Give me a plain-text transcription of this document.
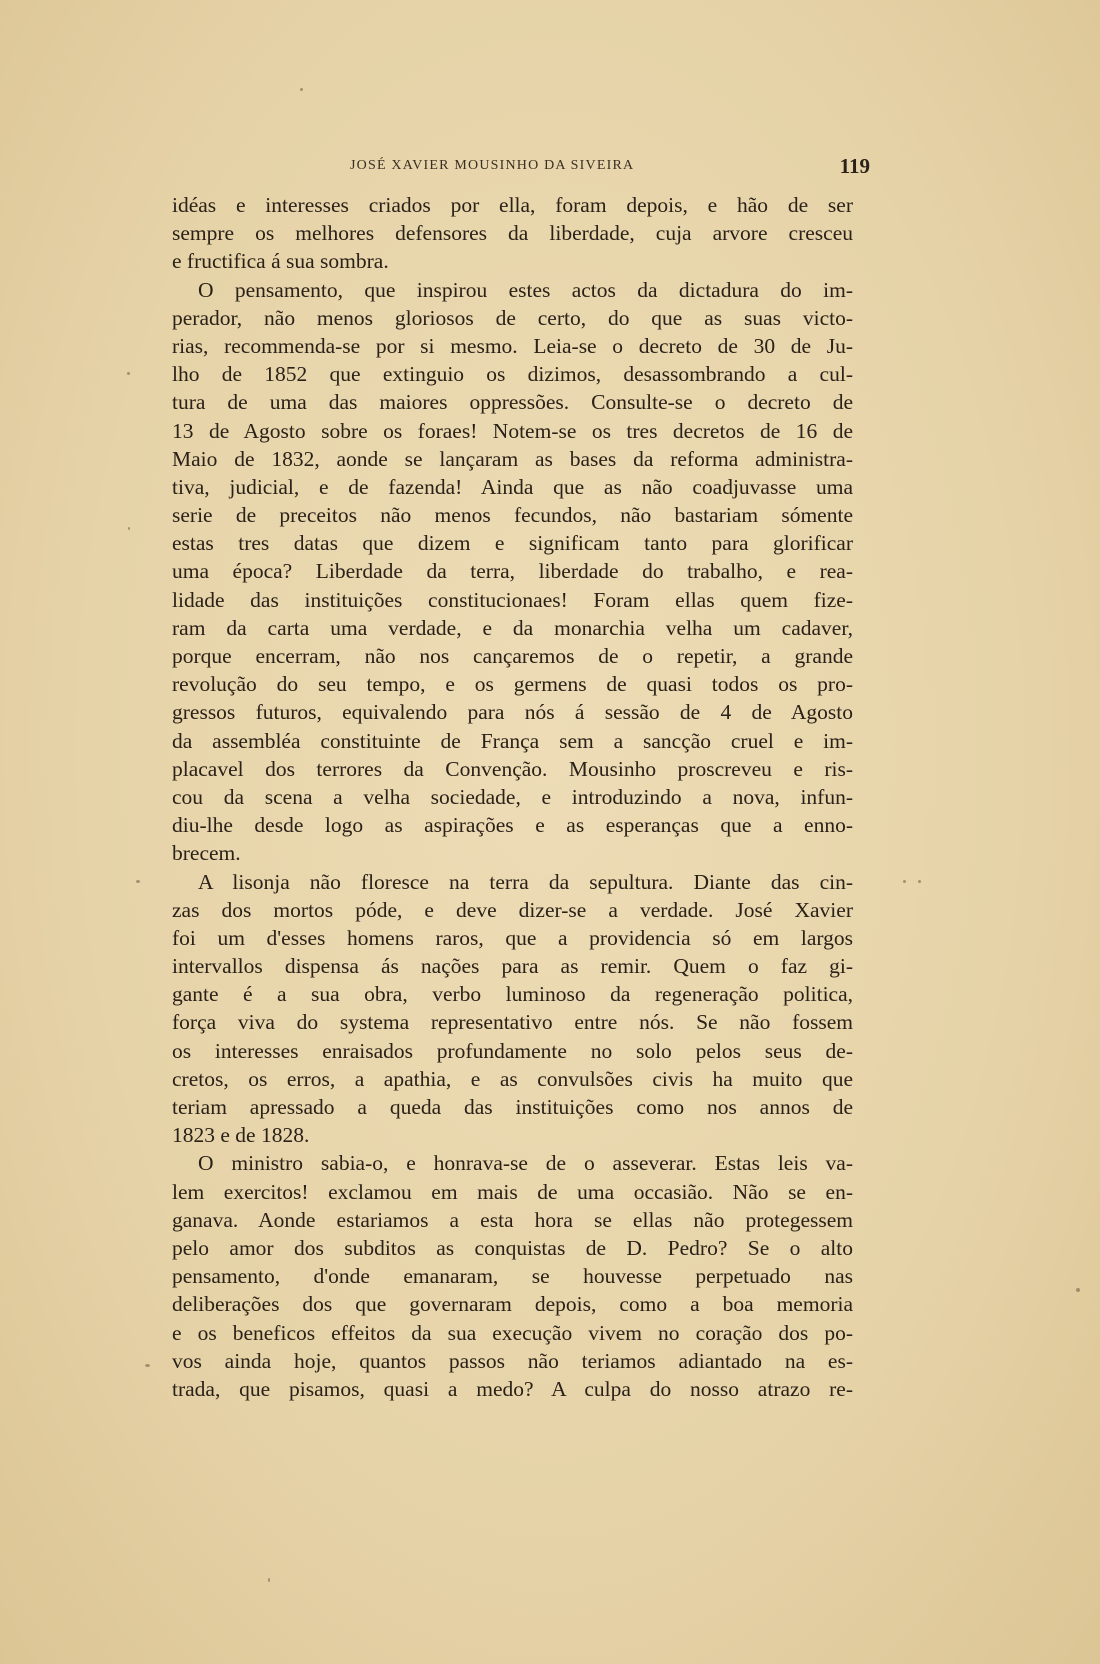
JOSÉ XAVIER MOUSINHO DA SIVEIRA	119
idéas e interesses criados por ella, foram depois, e hão de ser
sempre os melhores defensores da liberdade, cuja arvore cresceu
e fructifica á sua sombra.
O pensamento, que inspirou estes actos da dictadura do im-
perador, não menos gloriosos de certo, do que as suas victo-
rias, recommenda-se por si mesmo. Leia-se o decreto de 30 de Ju-
lho de 1852 que extinguio os dizimos, desassombrando a cul-
tura de uma das maiores oppressões. Consulte-se o decreto de
13 de Agosto sobre os foraes! Notem-se os tres decretos de 16 de
Maio de 1832, aonde se lançaram as bases da reforma administra-
tiva, judicial, e de fazenda! Ainda que as não coadjuvasse uma
serie de preceitos não menos fecundos, não bastariam sómente
estas tres datas que dizem e significam tanto para glorificar
uma época? Liberdade da terra, liberdade do trabalho, e rea-
lidade das instituições constitucionaes! Foram ellas quem fize-
ram da carta uma verdade, e da monarchia velha um cadaver,
porque encerram, não nos cançaremos de o repetir, a grande
revolução do seu tempo, e os germens de quasi todos os pro-
gressos futuros, equivalendo para nós á sessão de 4 de Agosto
da assembléa constituinte de França sem a sancção cruel e im-
placavel dos terrores da Convenção. Mousinho proscreveu e ris-
cou da scena a velha sociedade, e introduzindo a nova, infun-
diu-lhe desde logo as aspirações e as esperanças que a enno-
brecem.
A lisonja não floresce na terra da sepultura. Diante das cin-
zas dos mortos póde, e deve dizer-se a verdade. José Xavier
foi um d'esses homens raros, que a providencia só em largos
intervallos dispensa ás nações para as remir. Quem o faz gi-
gante é a sua obra, verbo luminoso da regeneração politica,
força viva do systema representativo entre nós. Se não fossem
os interesses enraisados profundamente no solo pelos seus de-
cretos, os erros, a apathia, e as convulsões civis ha muito que
teriam apressado a queda das instituições como nos annos de
1823 e de 1828.
O ministro sabia-o, e honrava-se de o asseverar. Estas leis va-
lem exercitos! exclamou em mais de uma occasião. Não se en-
ganava. Aonde estariamos a esta hora se ellas não protegessem
pelo amor dos subditos as conquistas de D. Pedro? Se o alto
pensamento, d'onde emanaram, se houvesse perpetuado nas
deliberações dos que governaram depois, como a boa memoria
e os beneficos effeitos da sua execução vivem no coração dos po-
vos ainda hoje, quantos passos não teriamos adiantado na es-
trada, que pisamos, quasi a medo? A culpa do nosso atrazo re-
